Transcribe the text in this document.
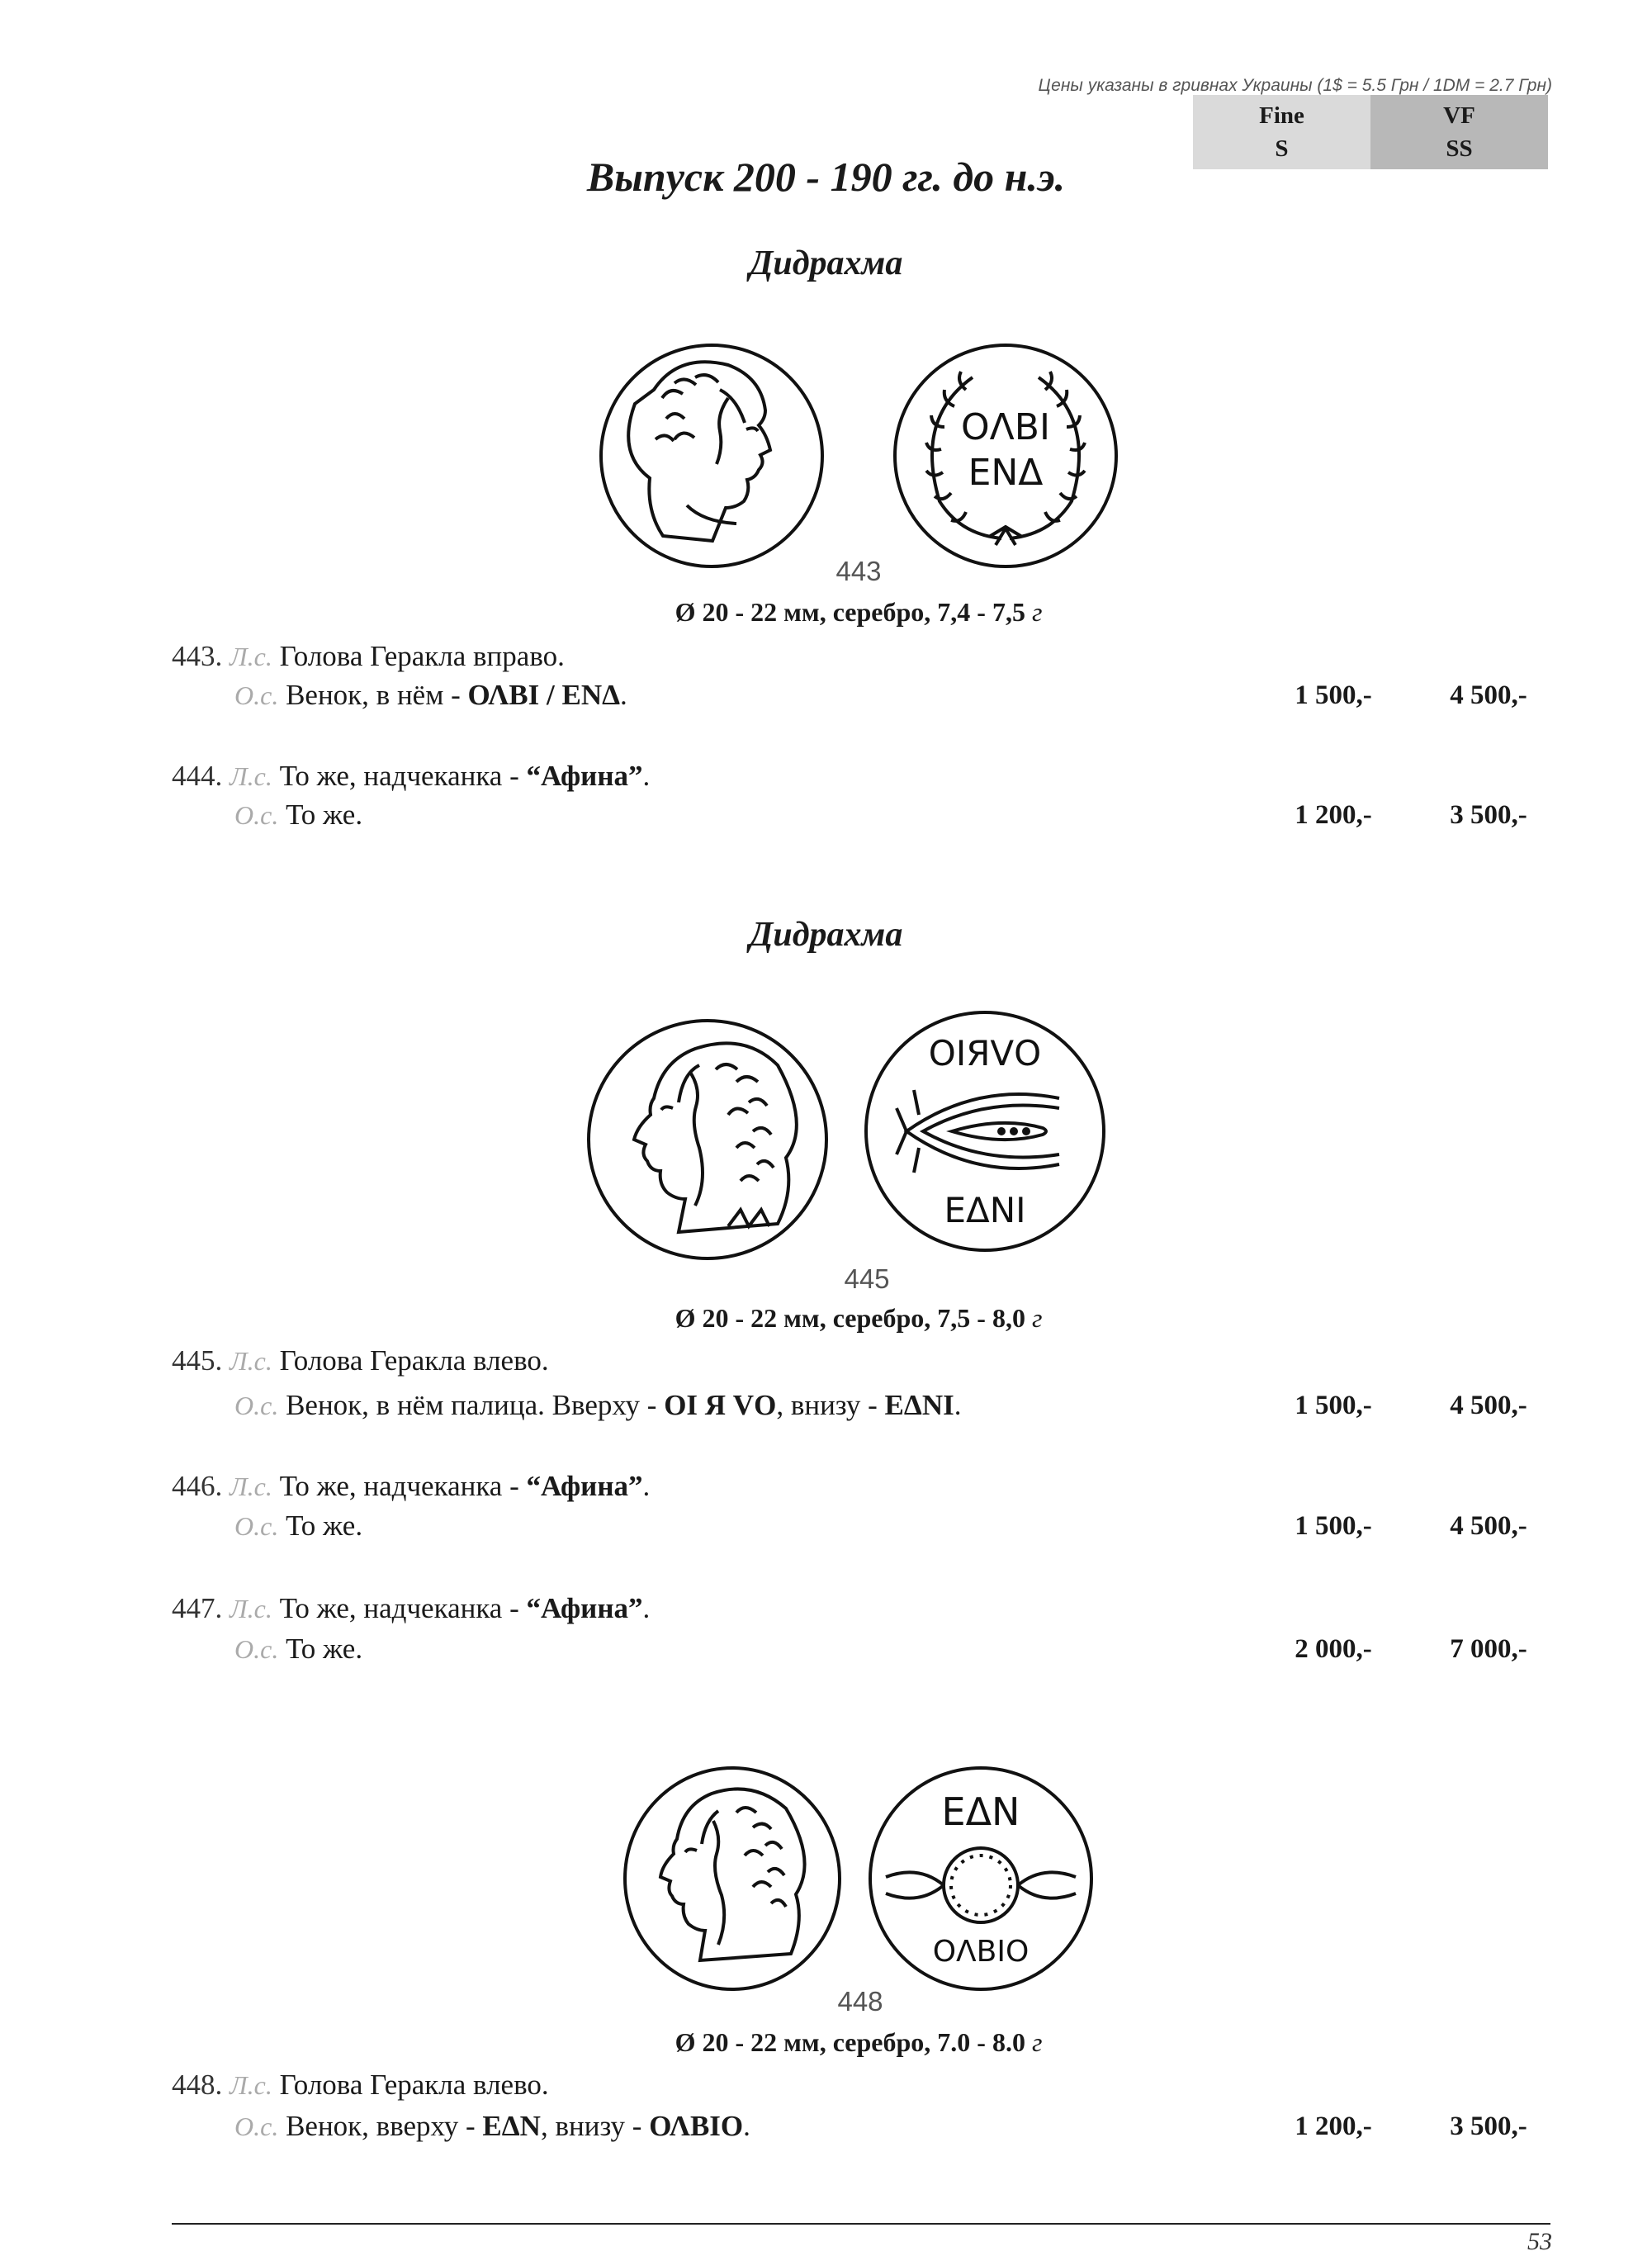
Цены указаны в гривнах Украины (1$ = 5.5 Грн / 1DM = 2.7 Грн)
Fine
S
VF
SS
Выпуск 200 - 190 гг. до н.э.
Дидрахма
ΟΛΒΙ
ΕΝΔ
443
Ø 20 - 22 мм, серебро, 7,4 - 7,5 г
443. Л.с. Голова Геракла вправо.
О.с. Венок, в нём - ΟΛΒΙ / ΕΝΔ.	1 500,-	4 500,-
444. Л.с. То же, надчеканка - “Афина”.
О.с. То же.	1 200,-	3 500,-
Дидрахма
ΟΙЯVΟ
ΕΔΝΙ
445
Ø 20 - 22 мм, серебро, 7,5 - 8,0 г
445. Л.с. Голова Геракла влево.
О.с. Венок, в нём палица. Вверху - ΟΙ Я VΟ, внизу - ΕΔΝΙ.	1 500,-	4 500,-
446. Л.с. То же, надчеканка - “Афина”.
О.с. То же.	1 500,-	4 500,-
447. Л.с. То же, надчеканка - “Афина”.
О.с. То же.	2 000,-	7 000,-
ΕΔΝ
ΟΛΒΙΟ
448
Ø 20 - 22 мм, серебро, 7.0 - 8.0 г
448. Л.с. Голова Геракла влево.
О.с. Венок, вверху - ΕΔΝ, внизу - ΟΛΒΙΟ.	1 200,-	3 500,-
53
